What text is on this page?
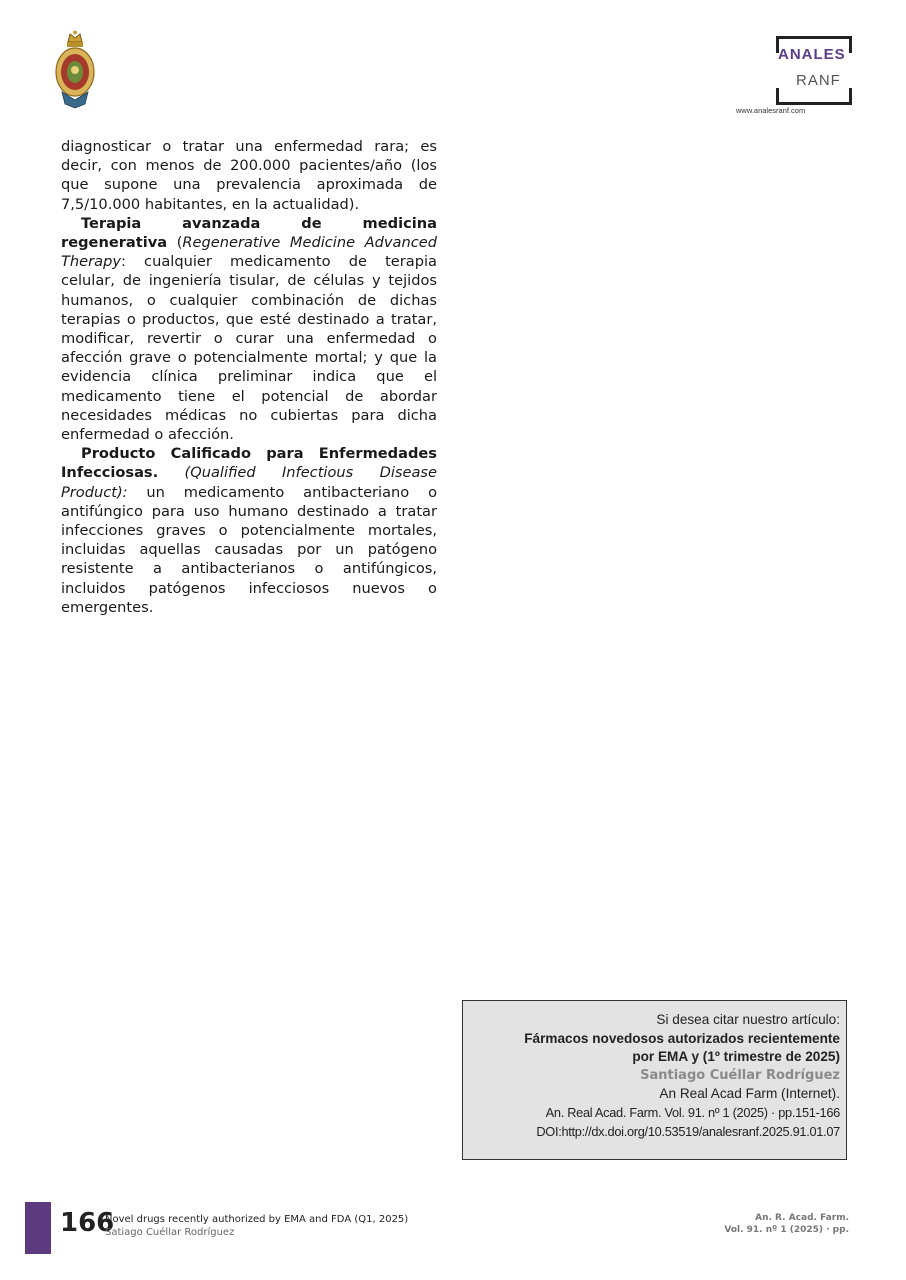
ANALES
RANF
www.analesranf.com

diagnosticar o tratar una enfermedad rara; es decir, con menos de 200.000 pacientes/año (los que supone una prevalencia aproximada de 7,5/10.000 habitantes, en la actualidad).

Terapia avanzada de medicina regenerativa (Regenerative Medicine Advanced Therapy: cualquier medicamento de terapia celular, de ingeniería tisular, de células y tejidos humanos, o cualquier combinación de dichas terapias o productos, que esté destinado a tratar, modificar, revertir o curar una enfermedad o afección grave o potencialmente mortal; y que la evidencia clínica preliminar indica que el medicamento tiene el potencial de abordar necesidades médicas no cubiertas para dicha enfermedad o afección.

Producto Calificado para Enfermedades Infecciosas. (Qualified Infectious Disease Product): un medicamento antibacteriano o antifúngico para uso humano destinado a tratar infecciones graves o potencialmente mortales, incluidas aquellas causadas por un patógeno resistente a antibacterianos o antifúngicos, incluidos patógenos infecciosos nuevos o emergentes.

Si desea citar nuestro artículo:
Fármacos novedosos autorizados recientemente
por EMA y (1º trimestre de 2025)
Santiago Cuéllar Rodríguez
An Real Acad Farm (Internet).
An. Real Acad. Farm. Vol. 91. nº 1 (2025) · pp.151-166
DOI:http://dx.doi.org/10.53519/analesranf.2025.91.01.07
166
Novel drugs recently authorized by EMA and FDA (Q1, 2025)
Satiago Cuéllar Rodríguez
An. R. Acad. Farm.
Vol. 91. nº 1 (2025) · pp.
